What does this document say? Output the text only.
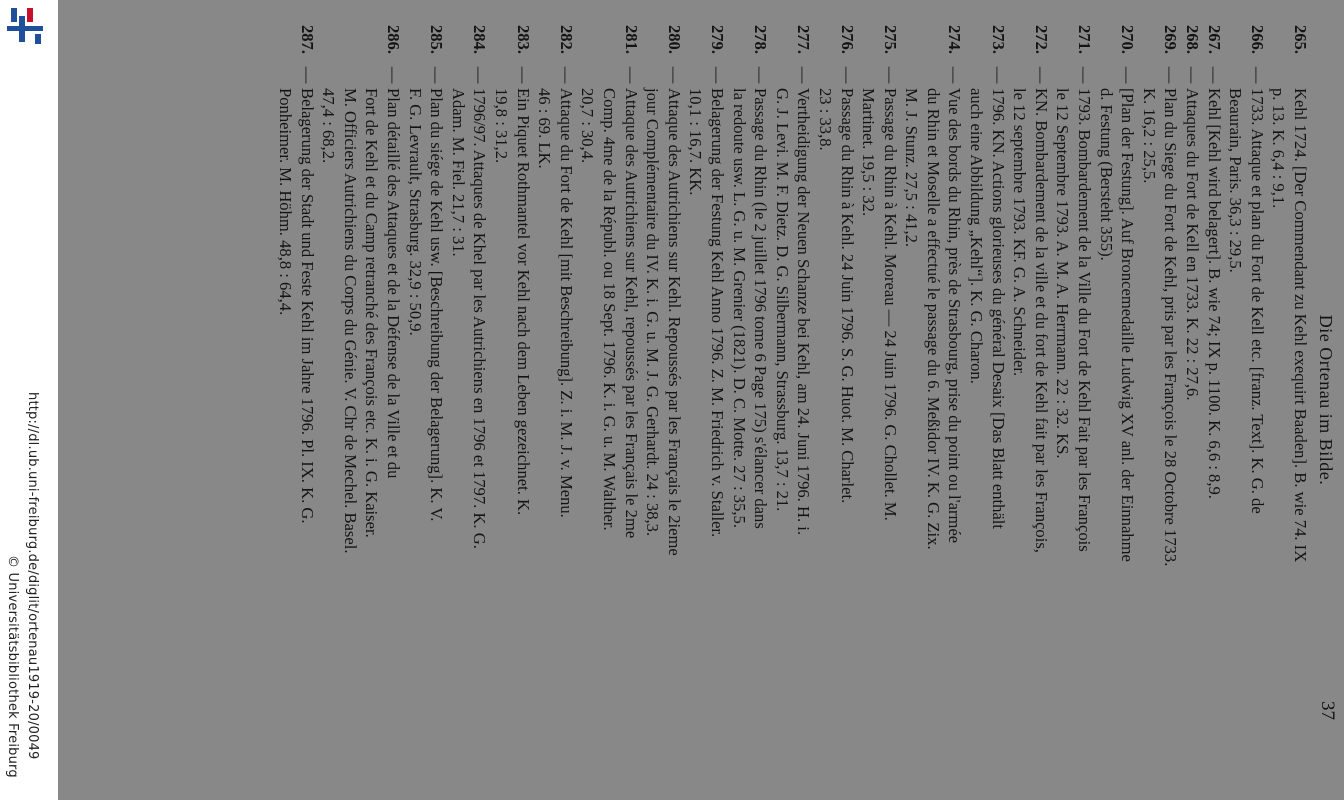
http://dl.ub.uni-freiburg.de/diglit/ortenau1919-20/0049
© Universitätsbibliothek Freiburg
Die Ortenau im Bilde.
37
265.
Kehl 1724. [Der Commendant zu Kehl exequirt Baaden]. B. wie 74. IX
p. 13. K. 6,4 : 9,1.
266.
—
1733. Attaque et plan du Fort de Kell etc. [franz. Text]. K. G. de
Beaurain, Paris. 36,3 : 29,5.
267.
—
Kehl [Kehl wird belagert]. B. wie 74; IX p. 1100. K. 6,6 : 8,9.
268.
—
Attaques du Fort de Kell en 1733. K. 22 : 27,6.
269.
—
Plan du Siege du Fort de Kehl, pris par les François le 28 Octobre 1733.
K. 16,2 : 25,5.
270.
—
[Plan der Festung]. Auf Broncemedaille Ludwig XV anl. der Einnahme
d. Festung (Bersteht 355).
271.
—
1793. Bombardement de la Ville du Fort de Kehl Fait par les François
le 12 Septembre 1793. A. M. A. Herrmann. 22 : 32. KS.
272.
—
KN. Bombardement de la ville et du fort de Kehl fait par les François,
le 12 septembre 1793. KF. G. A. Schneider.
273.
—
1796. KN. Actions glorieuses du général Desaix [Das Blatt enthält
auch eine Abbildung „Kehl“]. K. G. Charon.
274.
—
Vue des bords du Rhin, près de Strasbourg, prise du point ou l'armée
du Rhin et Moselle a effectué le passage du 6. Meßidor IV. K. G. Zix.
M. J. Stunz. 27,5 : 41,2.
275.
—
Passage du Rhin à Kehl. Moreau — 24 Juin 1796. G. Chollet. M.
Martinet. 19,5 : 32.
276.
—
Passage du Rhin à Kehl. 24 Juin 1796. S. G. Huot. M. Charlet.
23 : 33,8.
277.
—
Vertheidigung der Neuen Schanze bei Kehl, am 24. Juni 1796. H. i.
G. J. Levi. M. F. Dietz. D. G. Silbermann, Strassburg. 13,7 : 21.
278.
—
Passage du Rhin (le 2 juillet 1796 tome 6 Page 175) s'élancer dans
la redoute usw. L. G. u. M. Grenier (1821). D. C. Motte. 27 : 35,5.
279.
—
Belagerung der Festung Kehl Anno 1796. Z. M. Friedrich v. Staller.
10,1 : 16,7. KK.
280.
—
Attaque des Autrichiens sur Kehl. Repoussés par les Français le 2ieme
jour Complémentaire du IV. K. i. G. u. M. J. G. Gerhardt. 24 : 38,3.
281.
—
Attaque des Autrichiens sur Kehl, repoussés par les Français le 2me
Comp. 4me de la Républ. ou 18 Sept. 1796. K. i. G. u. M. Walther.
20,7 : 30,4.
282.
—
Attaque du Fort de Kehl [mit Beschreibung]. Z. i. M. J. v. Menu.
46 : 69. LK.
283.
—
Ein Piquet Rothmantel vor Kehl nach dem Leben gezeichnet. K.
19,8 : 31,2.
284.
—
1796/97. Attaques de Khel par les Autrichiens en 1796 et 1797. K. G.
Adam. M. Fiel. 21,7 : 31.
285.
—
Plan du siége de Kehl usw. [Beschreibung der Belagerung]. K. V.
F. G. Levrault, Strasburg. 32,9 : 50,9.
286.
—
Plan détaillé des Attaques et de la Défense de la Ville et du
Fort de Kehl et du Camp retranché des François etc. K. i. G. Kaiser.
M. Officiers Autrichiens du Corps du Génie. V. Chr de Mechel. Basel.
47,4 : 68,2.
287.
—
Belagerung der Stadt und Feste Kehl im Jahre 1796. Pl. IX. K. G.
Ponheimer. M. Höhm. 48,8 : 64,4.
